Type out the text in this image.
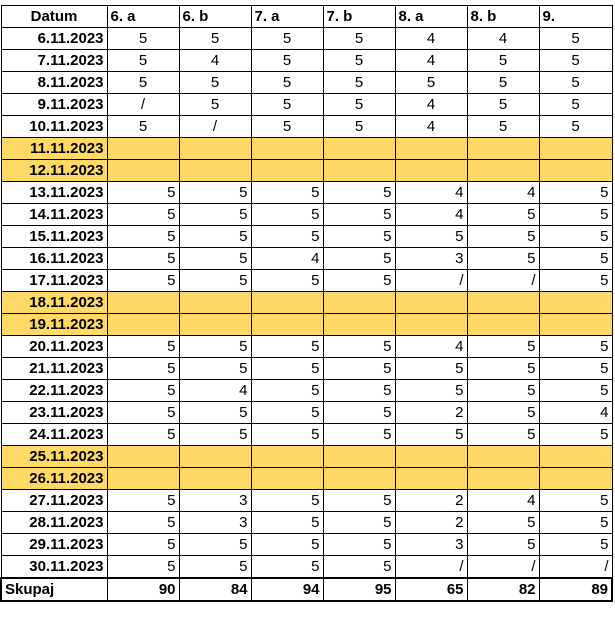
Datum	6. a	6. b	7. a	7. b	8. a	8. b	9.
6.11.2023	5	5	5	5	4	4	5
7.11.2023	5	4	5	5	4	5	5
8.11.2023	5	5	5	5	5	5	5
9.11.2023	/	5	5	5	4	5	5
10.11.2023	5	/	5	5	4	5	5
11.11.2023							
12.11.2023							
13.11.2023	5	5	5	5	4	4	5
14.11.2023	5	5	5	5	4	5	5
15.11.2023	5	5	5	5	5	5	5
16.11.2023	5	5	4	5	3	5	5
17.11.2023	5	5	5	5	/	/	5
18.11.2023							
19.11.2023							
20.11.2023	5	5	5	5	4	5	5
21.11.2023	5	5	5	5	5	5	5
22.11.2023	5	4	5	5	5	5	5
23.11.2023	5	5	5	5	2	5	4
24.11.2023	5	5	5	5	5	5	5
25.11.2023							
26.11.2023							
27.11.2023	5	3	5	5	2	4	5
28.11.2023	5	3	5	5	2	5	5
29.11.2023	5	5	5	5	3	5	5
30.11.2023	5	5	5	5	/	/	/
Skupaj	90	84	94	95	65	82	89
